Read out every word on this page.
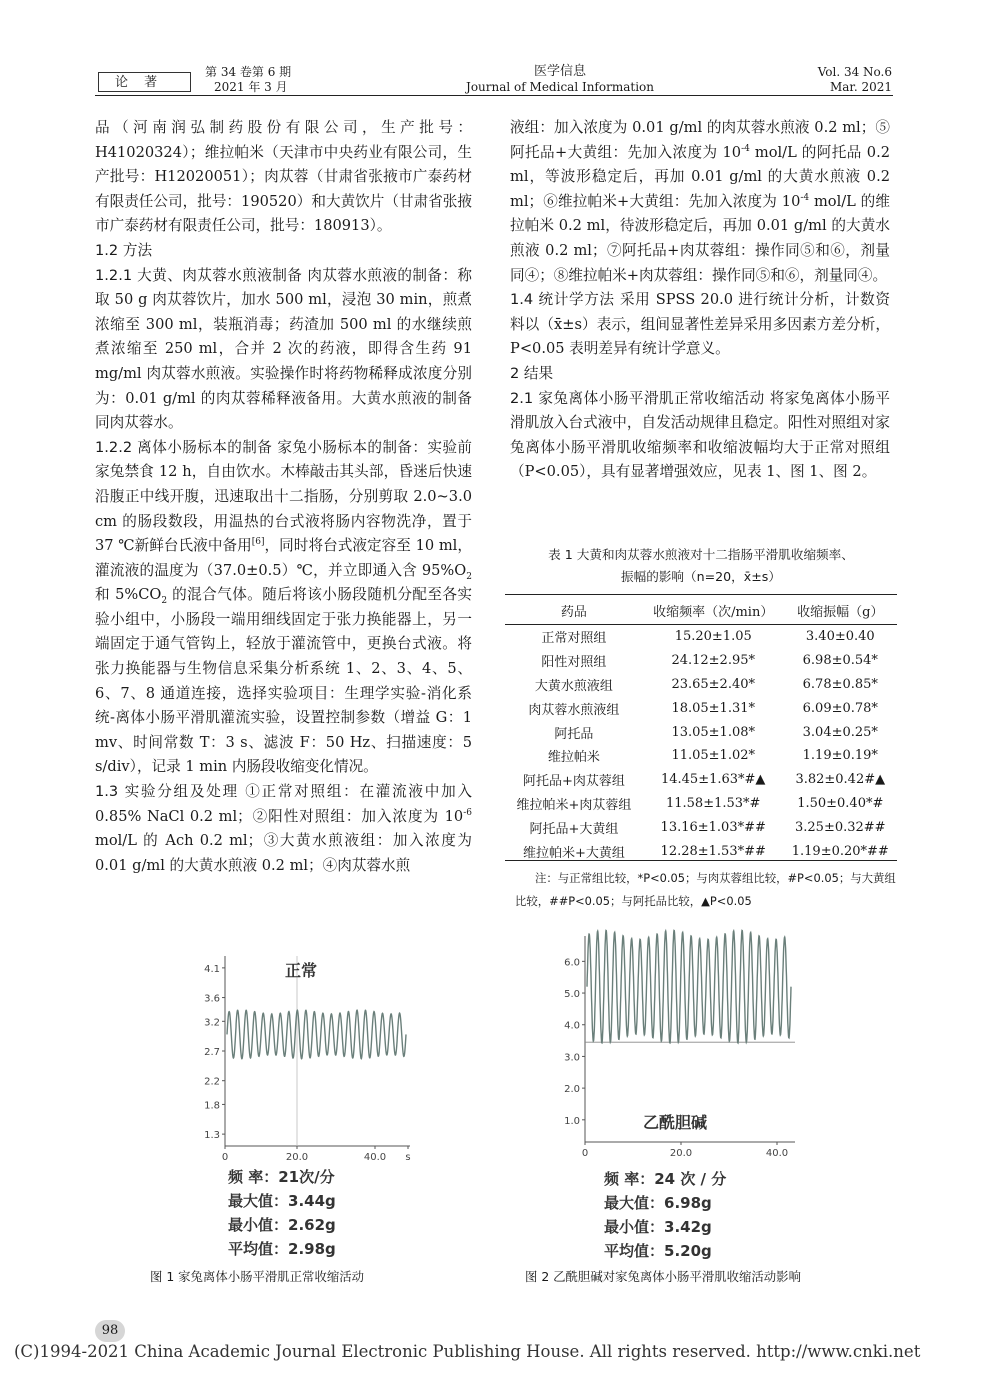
论 著
第 34 卷第 6 期
2021 年 3 月
医学信息
Journal of Medical Information
Vol. 34 No.6
Mar. 2021

品（河南润弘制药股份有限公司，生产批号：H41020324）；维拉帕米（天津市中央药业有限公司，生产批号：H12020051）；肉苁蓉（甘肃省张掖市广泰药材有限责任公司，批号：190520）和大黄饮片（甘肃省张掖市广泰药材有限责任公司，批号：180913）。

1.2 方法

1.2.1 大黄、肉苁蓉水煎液制备 肉苁蓉水煎液的制备：称取 50 g 肉苁蓉饮片，加水 500 ml，浸泡 30 min，煎煮浓缩至 300 ml，装瓶消毒；药渣加 500 ml 的水继续煎煮浓缩至 250 ml，合并 2 次的药液，即得含生药 91 mg/ml 肉苁蓉水煎液。实验操作时将药物稀释成浓度分别为：0.01 g/ml 的肉苁蓉稀释液备用。大黄水煎液的制备同肉苁蓉水。

1.2.2 离体小肠标本的制备 家兔小肠标本的制备：实验前家兔禁食 12 h，自由饮水。木棒敲击其头部，昏迷后快速沿腹正中线开腹，迅速取出十二指肠，分别剪取 2.0~3.0 cm 的肠段数段，用温热的台式液将肠内容物洗净，置于 37 ℃新鲜台氏液中备用[6]，同时将台式液定容至 10 ml，灌流液的温度为（37.0±0.5）℃，并立即通入含 $95\%O_2$ 和 $5\%CO_2$ 的混合气体。随后将该小肠段随机分配至各实验小组中，小肠段一端用细线固定于张力换能器上，另一端固定于通气管钩上，轻放于灌流管中，更换台式液。将张力换能器与生物信息采集分析系统 1、2、3、4、5、6、7、8 通道连接，选择实验项目：生理学实验-消化系统-离体小肠平滑肌灌流实验，设置控制参数（增益 G：1 mv、时间常数 T：3 s、滤波 F：50 Hz、扫描速度：5 s/div），记录 1 min 内肠段收缩变化情况。

1.3 实验分组及处理 ①正常对照组：在灌流液中加入 0.85% NaCl 0.2 ml；②阳性对照组：加入浓度为 $10^{-6}$ mol/L 的 Ach 0.2 ml；③大黄水煎液组：加入浓度为 0.01 g/ml 的大黄水煎液 0.2 ml；④肉苁蓉水煎

液组：加入浓度为 0.01 g/ml 的肉苁蓉水煎液 0.2 ml；⑤阿托品+大黄组：先加入浓度为 $10^{-4}$ mol/L 的阿托品 0.2 ml，等波形稳定后，再加 0.01 g/ml 的大黄水煎液 0.2 ml；⑥维拉帕米+大黄组：先加入浓度为 $10^{-4}$ mol/L 的维拉帕米 0.2 ml，待波形稳定后，再加 0.01 g/ml 的大黄水煎液 0.2 ml；⑦阿托品+肉苁蓉组：操作同⑤和⑥，剂量同④；⑧维拉帕米+肉苁蓉组：操作同⑤和⑥，剂量同④。

1.4 统计学方法 采用 SPSS 20.0 进行统计分析，计数资料以（x̄±s）表示，组间显著性差异采用多因素方差分析，P<0.05 表明差异有统计学意义。

2 结果

2.1 家兔离体小肠平滑肌正常收缩活动 将家兔离体小肠平滑肌放入台式液中，自发活动规律且稳定。阳性对照组对家兔离体小肠平滑肌收缩频率和收缩波幅均大于正常对照组（P<0.05），具有显著增强效应，见表 1、图 1、图 2。

表 1 大黄和肉苁蓉水煎液对十二指肠平滑肌收缩频率、
振幅的影响（n=20，x̄±s）
药品	收缩频率（次/min）	收缩振幅（g）
正常对照组	15.20±1.05	3.40±0.40
阳性对照组	24.12±2.95*	6.98±0.54*
大黄水煎液组	23.65±2.40*	6.78±0.85*
肉苁蓉水煎液组	18.05±1.31*	6.09±0.78*
阿托品	13.05±1.08*	3.04±0.25*
维拉帕米	11.05±1.02*	1.19±0.19*
阿托品+肉苁蓉组	14.45±1.63*#▲	3.82±0.42#▲
维拉帕米+肉苁蓉组	11.58±1.53*#	1.50±0.40*#
阿托品+大黄组	13.16±1.03*##	3.25±0.32##
维拉帕米+大黄组	12.28±1.53*##	1.19±0.20*##
注：与正常组比较，*P<0.05；与肉苁蓉组比较，#P<0.05；与大黄组
比较，##P<0.05；与阿托品比较，▲P<0.05
4.1
3.6
3.2
2.7
2.2
1.8
1.3
0	20.0	40.0 s
正常
频 率：21次/分
最大值：3.44g
最小值：2.62g
平均值：2.98g
图 1 家兔离体小肠平滑肌正常收缩活动
6.0
5.0
4.0
3.0
2.0
1.0
0	20.0	40.0
乙酰胆碱
频 率：24 次 / 分
最大值：6.98g
最小值：3.42g
平均值：5.20g
图 2 乙酰胆碱对家兔离体小肠平滑肌收缩活动影响
98
(C)1994-2021 China Academic Journal Electronic Publishing House. All rights reserved. http://www.cnki.net
